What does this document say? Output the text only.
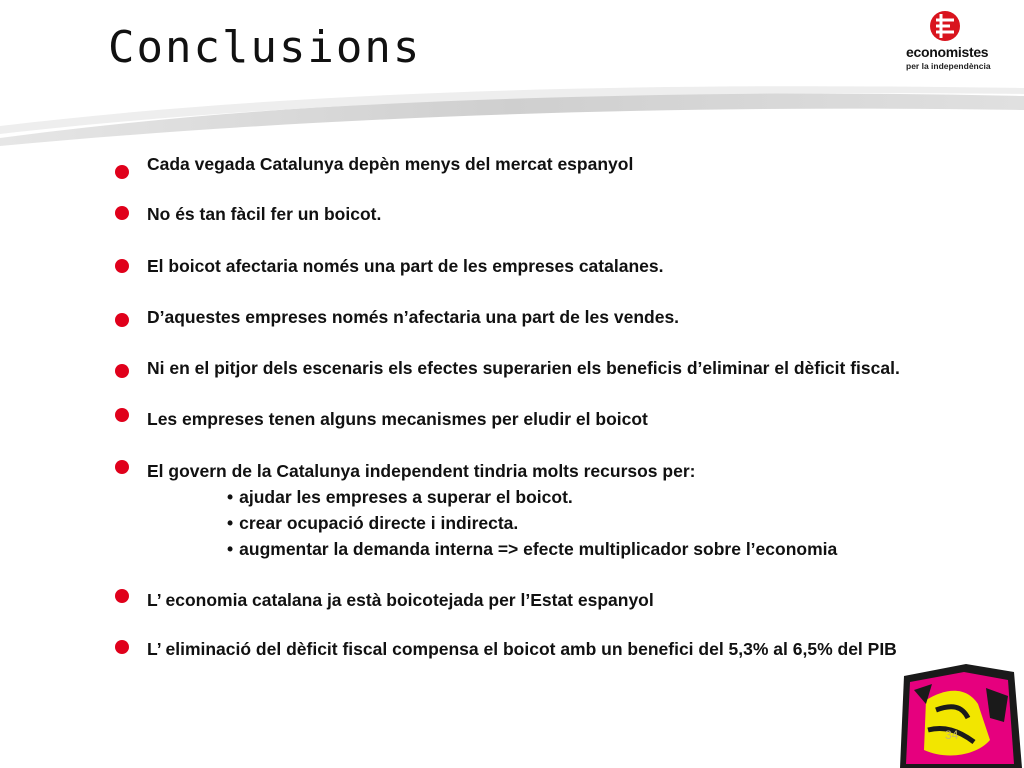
Conclusions	economistes
per la independència
Cada vegada Catalunya depèn menys del mercat espanyol
No és tan fàcil fer un boicot.
El boicot afectaria només una part de les empreses catalanes.
D’aquestes empreses només n’afectaria una part de les vendes.
Ni en el pitjor dels escenaris els efectes superarien els beneficis d’eliminar el dèficit fiscal.
Les empreses tenen alguns mecanismes per eludir el boicot
El govern de la Catalunya independent tindria molts recursos per:
• ajudar les empreses a superar el boicot.
• crear ocupació directe i indirecta.
• augmentar la demanda interna => efecte multiplicador sobre l’economia
L’ economia catalana ja està boicotejada per l’Estat espanyol
L’ eliminació del dèficit fiscal compensa el boicot amb un benefici del 5,3% al 6,5% del PIB
34
